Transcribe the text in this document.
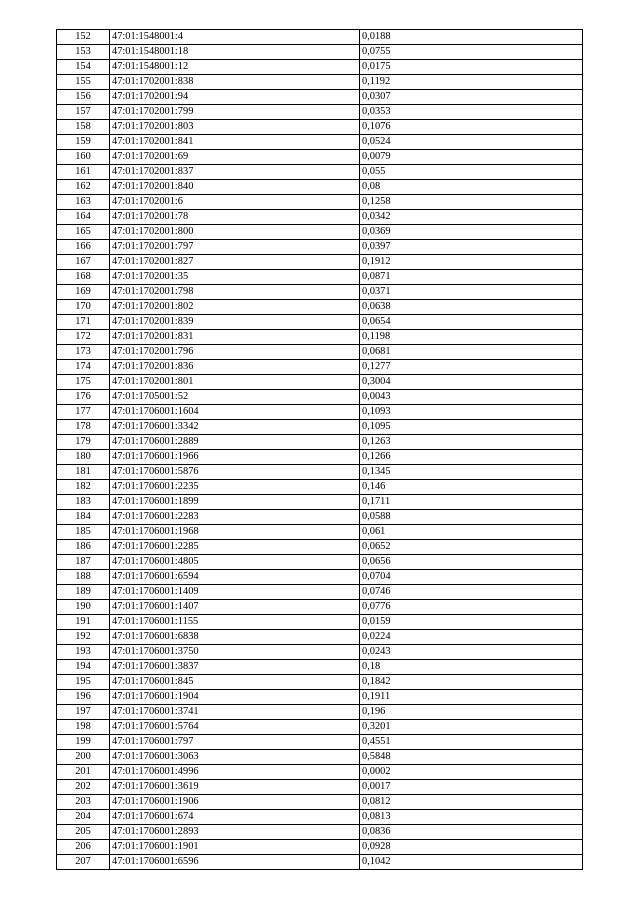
152	47:01:1548001:4	0,0188
153	47:01:1548001:18	0,0755
154	47:01:1548001:12	0,0175
155	47:01:1702001:838	0,1192
156	47:01:1702001:94	0,0307
157	47:01:1702001:799	0,0353
158	47:01:1702001:803	0,1076
159	47:01:1702001:841	0,0524
160	47:01:1702001:69	0,0079
161	47:01:1702001:837	0,055
162	47:01:1702001:840	0,08
163	47:01:1702001:6	0,1258
164	47:01:1702001:78	0,0342
165	47:01:1702001:800	0,0369
166	47:01:1702001:797	0,0397
167	47:01:1702001:827	0,1912
168	47:01:1702001:35	0,0871
169	47:01:1702001:798	0,0371
170	47:01:1702001:802	0,0638
171	47:01:1702001:839	0,0654
172	47:01:1702001:831	0,1198
173	47:01:1702001:796	0,0681
174	47:01:1702001:836	0,1277
175	47:01:1702001:801	0,3004
176	47:01:1705001:52	0,0043
177	47:01:1706001:1604	0,1093
178	47:01:1706001:3342	0,1095
179	47:01:1706001:2889	0,1263
180	47:01:1706001:1966	0,1266
181	47:01:1706001:5876	0,1345
182	47:01:1706001:2235	0,146
183	47:01:1706001:1899	0,1711
184	47:01:1706001:2283	0,0588
185	47:01:1706001:1968	0,061
186	47:01:1706001:2285	0,0652
187	47:01:1706001:4805	0,0656
188	47:01:1706001:6594	0,0704
189	47:01:1706001:1409	0,0746
190	47:01:1706001:1407	0,0776
191	47:01:1706001:1155	0,0159
192	47:01:1706001:6838	0,0224
193	47:01:1706001:3750	0,0243
194	47:01:1706001:3837	0,18
195	47:01:1706001:845	0,1842
196	47:01:1706001:1904	0,1911
197	47:01:1706001:3741	0,196
198	47:01:1706001:5764	0,3201
199	47:01:1706001:797	0,4551
200	47:01:1706001:3063	0,5848
201	47:01:1706001:4996	0,0002
202	47:01:1706001:3619	0,0017
203	47:01:1706001:1906	0,0812
204	47:01:1706001:674	0,0813
205	47:01:1706001:2893	0,0836
206	47:01:1706001:1901	0,0928
207	47:01:1706001:6596	0,1042
